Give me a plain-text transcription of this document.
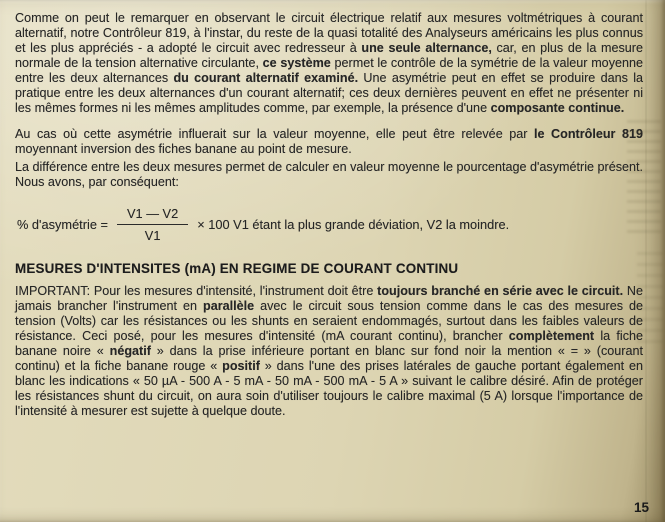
Comme on peut le remarquer en observant le circuit électrique relatif aux mesures voltmétriques à courant alternatif, notre Contrôleur 819, à l'instar, du reste de la quasi totalité des Analyseurs américains les plus connus et les plus appréciés - a adopté le circuit avec redresseur à une seule alternance, car, en plus de la mesure normale de la tension alternative circulante, ce système permet le contrôle de la symétrie de la valeur moyenne entre les deux alternances du courant alternatif examiné. Une asymétrie peut en effet se produire dans la pratique entre les deux alternances d'un courant alternatif; ces deux dernières peuvent en effet ne présenter ni les mêmes formes ni les mêmes amplitudes comme, par exemple, la présence d'une composante continue.

Au cas où cette asymétrie influerait sur la valeur moyenne, elle peut être relevée par le Contrôleur 819 moyennant inversion des fiches banane au point de mesure.

La différence entre les deux mesures permet de calculer en valeur moyenne le pourcentage d'asymétrie présent. Nous avons, par conséquent:

% d'asymétrie = $\frac{V1 — V2}{V1} \times 100$ V1 étant la plus grande déviation, V2 la moindre.
MESURES D'INTENSITES (mA) EN REGIME DE COURANT CONTINU

IMPORTANT: Pour les mesures d'intensité, l'instrument doit être toujours branché en série avec le circuit. Ne jamais brancher l'instrument en parallèle avec le circuit sous tension comme dans le cas des mesures de tension (Volts) car les résistances ou les shunts en seraient endommagés, surtout dans les faibles valeurs de résistance. Ceci posé, pour les mesures d'intensité (mA courant continu), brancher complètement la fiche banane noire « négatif » dans la prise inférieure portant en blanc sur fond noir la mention « = » (courant continu) et la fiche banane rouge « positif » dans l'une des prises latérales de gauche portant également en blanc les indications « 50 µA - 500 A - 5 mA - 50 mA - 500 mA - 5 A » suivant le calibre désiré. Afin de protéger les résistances shunt du circuit, on aura soin d'utiliser toujours le calibre maximal (5 A) lorsque l'importance de l'intensité à mesurer est sujette à quelque doute.

15
